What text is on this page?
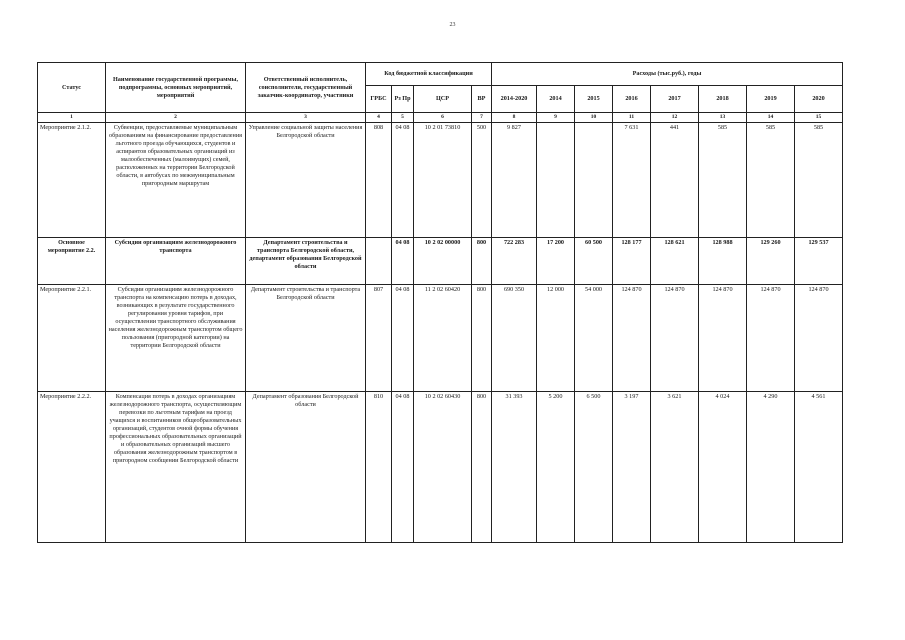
23
Статус	Наименование государственной программы, подпрограммы, основных мероприятий, мероприятий	Ответственный исполнитель, соисполнители, государственный заказчик-координатор, участники	Код бюджетной классификации				Расходы (тыс.руб.), годы							
			ГРБС	Рз Пр	ЦСР	ВР	2014-2020	2014	2015	2016	2017	2018	2019	2020
1	2	3	4	5	6	7	8	9	10	11	12	13	14	15
Мероприятие 2.1.2.	Субвенции, предоставляемые муниципальным образованиям на финансирование предоставления льготного проезда обучающихся, студентов и аспирантов образовательных организаций из малообеспеченных (малоимущих) семей, расположенных на территории Белгородской области, в автобусах по межмуниципальным пригородным маршрутам	Управление социальной защиты населения Белгородской области	808	04 08	10 2 01 73810	500	9 827			7 631	441	585	585	585
Основное мероприятие 2.2.	Субсидии организациям железнодорожного транспорта	Департамент строительства и транспорта Белгородской области, департамент образования Белгородской области		04 08	10 2 02 00000	800	722 283	17 200	60 500	128 177	128 621	128 988	129 260	129 537
Мероприятие 2.2.1.	Субсидии организациям железнодорожного транспорта на компенсацию потерь в доходах, возникающих в результате государственного регулирования уровня тарифов, при осуществлении транспортного обслуживания населения железнодорожным транспортом общего пользования (пригородной категории) на территории Белгородской области	Департамент строительства и транспорта Белгородской области	807	04 08	11 2 02 60420	800	690 350	12 000	54 000	124 870	124 870	124 870	124 870	124 870
Мероприятие 2.2.2.	Компенсация потерь в доходах организациям железнодорожного транспорта, осуществляющим перевозки по льготным тарифам на проезд учащихся и воспитанников общеобразовательных организаций, студентов очной формы обучения профессиональных образовательных организаций и образовательных организаций высшего образования железнодорожным транспортом в пригородном сообщении Белгородской области	Департамент образования Белгородской области	810	04 08	10 2 02 60430	800	31 393	5 200	6 500	3 197	3 621	4 024	4 290	4 561
